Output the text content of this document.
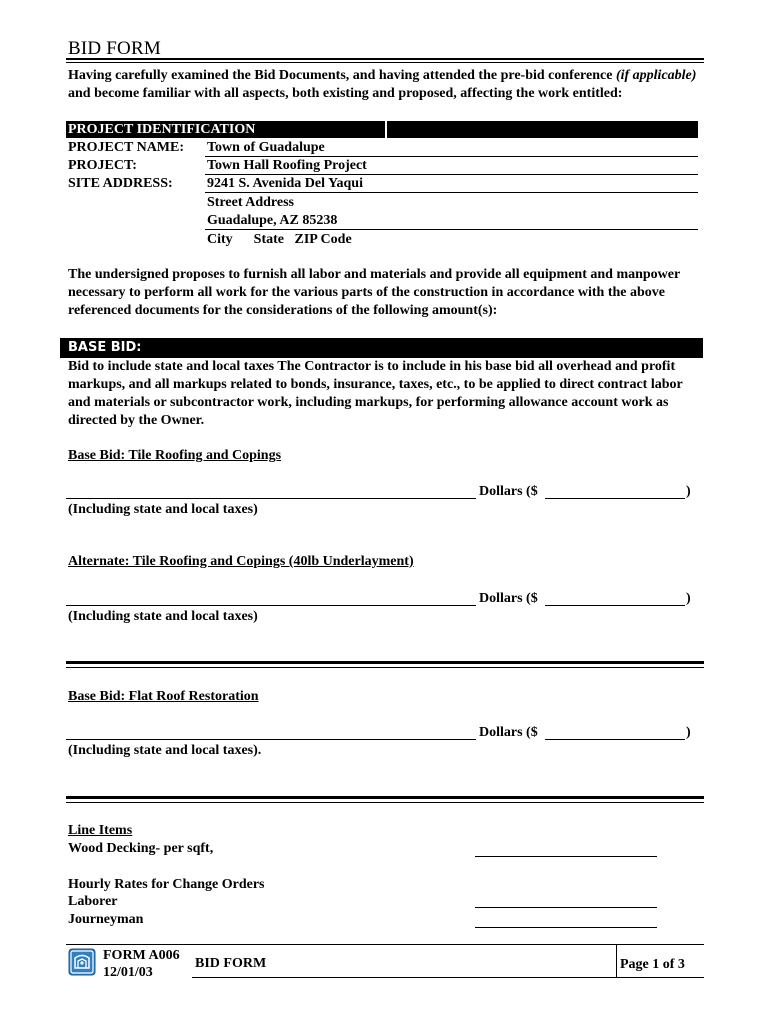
BID FORM
Having carefully examined the Bid Documents, and having attended the pre-bid conference (if applicable) and become familiar with all aspects, both existing and proposed, affecting the work entitled:
PROJECT IDENTIFICATION
PROJECT NAME: Town of Guadalupe
PROJECT:	Town Hall Roofing Project
SITE ADDRESS: 9241 S. Avenida Del Yaqui
Street Address
Guadalupe, AZ 85238
City      State   ZIP Code
The undersigned proposes to furnish all labor and materials and provide all equipment and manpower necessary to perform all work for the various parts of the construction in accordance with the above referenced documents for the considerations of the following amount(s):
BASE BID:
Bid to include state and local taxes The Contractor is to include in his base bid all overhead and profit markups, and all markups related to bonds, insurance, taxes, etc., to be applied to direct contract labor and materials or subcontractor work, including markups, for performing allowance account work as directed by the Owner.
Base Bid: Tile Roofing and Copings
Dollars ($	)
(Including state and local taxes)
Alternate: Tile Roofing and Copings (40lb Underlayment)
Dollars ($	)
(Including state and local taxes)
Base Bid: Flat Roof Restoration
Dollars ($	)
(Including state and local taxes).
Line Items
Wood Decking- per sqft,
Hourly Rates for Change Orders
Laborer
Journeyman
FORM A006
12/01/03
BID FORM	Page 1 of 3
